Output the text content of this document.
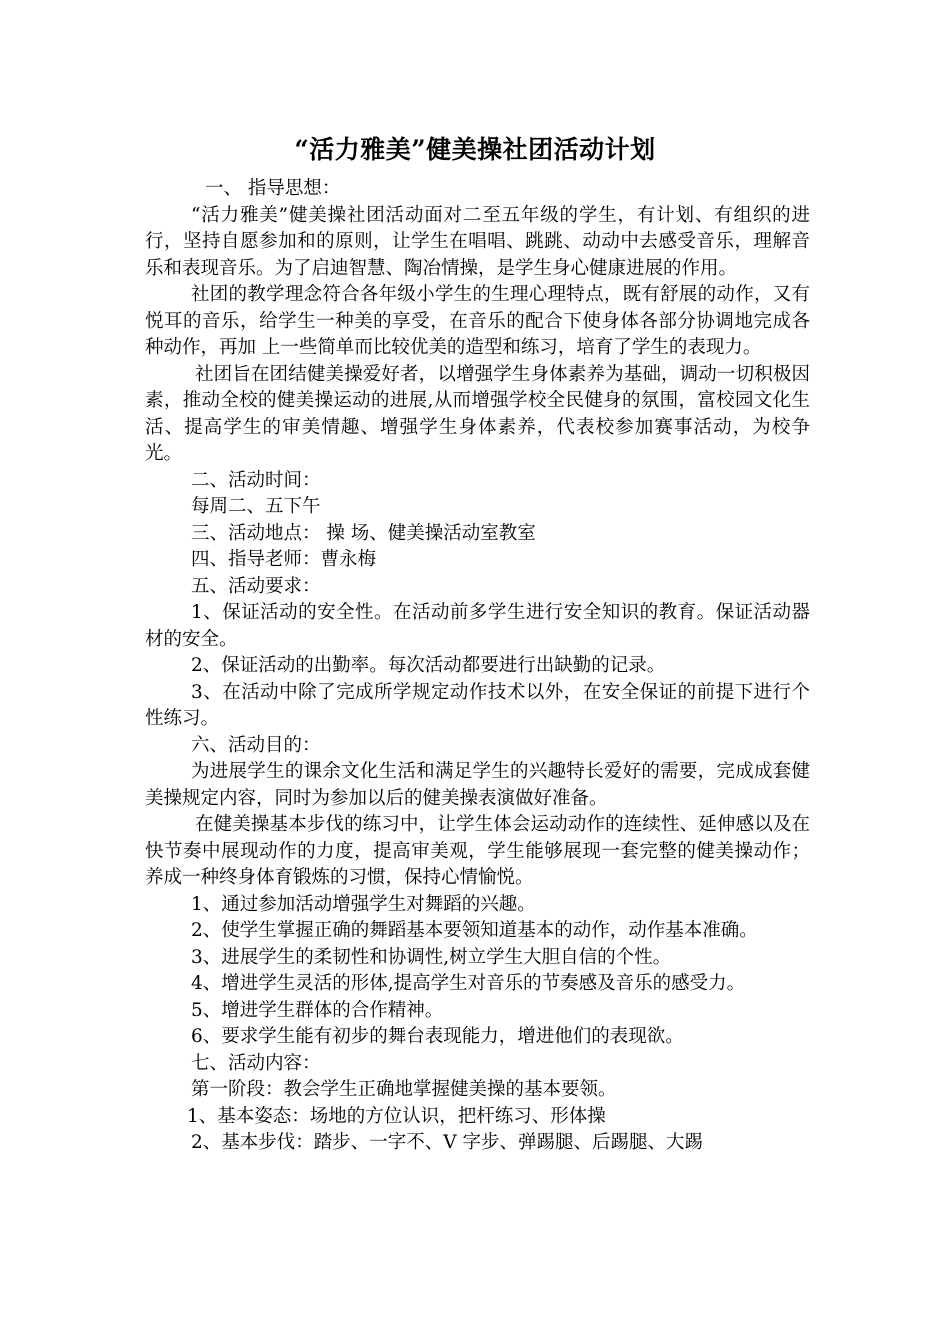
“活力雅美”健美操社团活动计划

一、 指导思想：

“活力雅美”健美操社团活动面对二至五年级的学生，有计划、有组织的进行，坚持自愿参加和的原则，让学生在唱唱、跳跳、动动中去感受音乐，理解音乐和表现音乐。为了启迪智慧、陶冶情操，是学生身心健康进展的作用。

社团的教学理念符合各年级小学生的生理心理特点，既有舒展的动作，又有悦耳的音乐，给学生一种美的享受，在音乐的配合下使身体各部分协调地完成各种动作，再加 上一些简单而比较优美的造型和练习，培育了学生的表现力。

社团旨在团结健美操爱好者，以增强学生身体素养为基础，调动一切积极因素，推动全校的健美操运动的进展,从而增强学校全民健身的氛围，富校园文化生活、提高学生的审美情趣、增强学生身体素养，代表校参加赛事活动，为校争光。

二、活动时间：

每周二、五下午

三、活动地点： 操 场、健美操活动室教室

四、指导老师：曹永梅

五、活动要求：

1、保证活动的安全性。在活动前多学生进行安全知识的教育。保证活动器材的安全。

2、保证活动的出勤率。每次活动都要进行出缺勤的记录。

3、在活动中除了完成所学规定动作技术以外，在安全保证的前提下进行个性练习。

六、活动目的：

为进展学生的课余文化生活和满足学生的兴趣特长爱好的需要，完成成套健美操规定内容，同时为参加以后的健美操表演做好准备。

在健美操基本步伐的练习中，让学生体会运动动作的连续性、延伸感以及在快节奏中展现动作的力度，提高审美观，学生能够展现一套完整的健美操动作；养成一种终身体育锻炼的习惯，保持心情愉悦。

1、通过参加活动增强学生对舞蹈的兴趣。

2、使学生掌握正确的舞蹈基本要领知道基本的动作，动作基本准确。

3、进展学生的柔韧性和协调性,树立学生大胆自信的个性。

4、增进学生灵活的形体,提高学生对音乐的节奏感及音乐的感受力。

5、增进学生群体的合作精神。

6、要求学生能有初步的舞台表现能力，增进他们的表现欲。

七、活动内容：

第一阶段：教会学生正确地掌握健美操的基本要领。

1、基本姿态：场地的方位认识，把杆练习、形体操

2、基本步伐：踏步、一字不、V 字步、弹踢腿、后踢腿、大踢
